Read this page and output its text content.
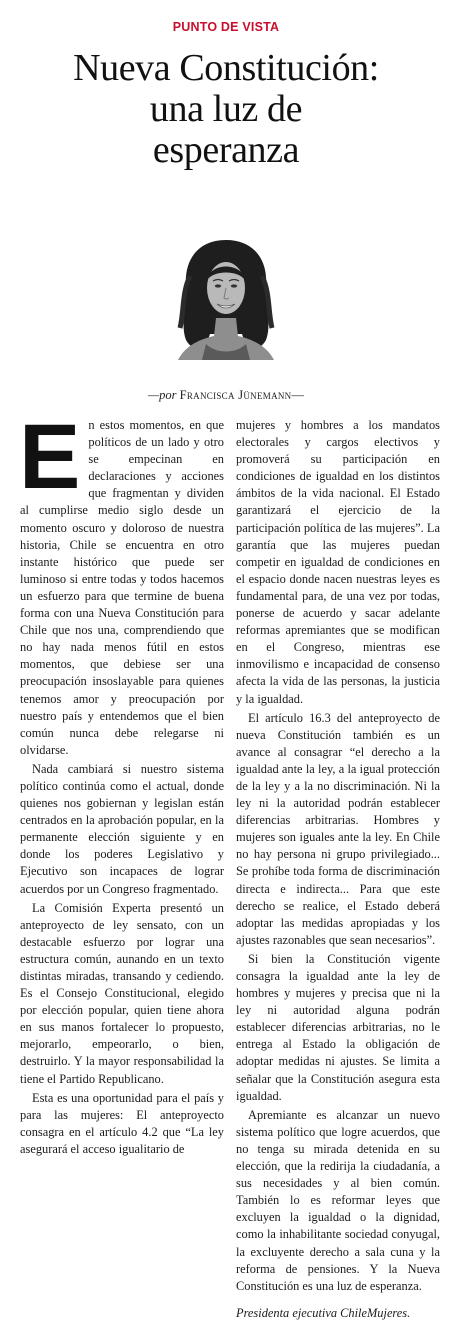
PUNTO DE VISTA
Nueva Constitución:
una luz de
esperanza
—por Francisca Jünemann—

En estos momentos, en que políticos de un lado y otro se empecinan en declaraciones y acciones que fragmentan y dividen al cumplirse medio siglo desde un momento oscuro y doloroso de nuestra historia, Chile se encuentra en otro instante histórico que puede ser luminoso si entre todas y todos hacemos un esfuerzo para que termine de buena forma con una Nueva Constitución para Chile que nos una, comprendiendo que no hay nada menos fútil en estos momentos, que debiese ser una preocupación insoslayable para quienes tenemos amor y preocupación por nuestro país y entendemos que el bien común nunca debe relegarse ni olvidarse.

Nada cambiará si nuestro sistema político continúa como el actual, donde quienes nos gobiernan y legislan están centrados en la aprobación popular, en la permanente elección siguiente y en donde los poderes Legislativo y Ejecutivo son incapaces de lograr acuerdos por un Congreso fragmentado.

La Comisión Experta presentó un anteproyecto de ley sensato, con un destacable esfuerzo por lograr una estructura común, aunando en un texto distintas miradas, transando y cediendo. Es el Consejo Constitucional, elegido por elección popular, quien tiene ahora en sus manos fortalecer lo propuesto, mejorarlo, empeorarlo, o bien, destruirlo. Y la mayor responsabilidad la tiene el Partido Republicano.

Esta es una oportunidad para el país y para las mujeres: El anteproyecto consagra en el artículo 4.2 que “La ley asegurará el acceso igualitario de

mujeres y hombres a los mandatos electorales y cargos electivos y promoverá su participación en condiciones de igualdad en los distintos ámbitos de la vida nacional. El Estado garantizará el ejercicio de la participación política de las mujeres”. La garantía que las mujeres puedan competir en igualdad de condiciones en el espacio donde nacen nuestras leyes es fundamental para, de una vez por todas, ponerse de acuerdo y sacar adelante reformas apremiantes que se modifican en el Congreso, mientras ese inmovilismo e incapacidad de consenso afecta la vida de las personas, la justicia y la igualdad.

El artículo 16.3 del anteproyecto de nueva Constitución también es un avance al consagrar “el derecho a la igualdad ante la ley, a la igual protección de la ley y a la no discriminación. Ni la ley ni la autoridad podrán establecer diferencias arbitrarias. Hombres y mujeres son iguales ante la ley. En Chile no hay persona ni grupo privilegiado... Se prohíbe toda forma de discriminación directa e indirecta... Para que este derecho se realice, el Estado deberá adoptar las medidas apropiadas y los ajustes razonables que sean necesarios”.

Si bien la Constitución vigente consagra la igualdad ante la ley de hombres y mujeres y precisa que ni la ley ni autoridad alguna podrán establecer diferencias arbitrarias, no le entrega al Estado la obligación de adoptar medidas ni ajustes. Se limita a señalar que la Constitución asegura esta igualdad.

Apremiante es alcanzar un nuevo sistema político que logre acuerdos, que no tenga su mirada detenida en su elección, que la redirija la ciudadanía, a sus necesidades y al bien común. También lo es reformar leyes que excluyen la igualdad o la dignidad, como la inhabilitante sociedad conyugal, la excluyente derecho a sala cuna y la reforma de pensiones. Y la Nueva Constitución es una luz de esperanza.

Presidenta ejecutiva ChileMujeres.
